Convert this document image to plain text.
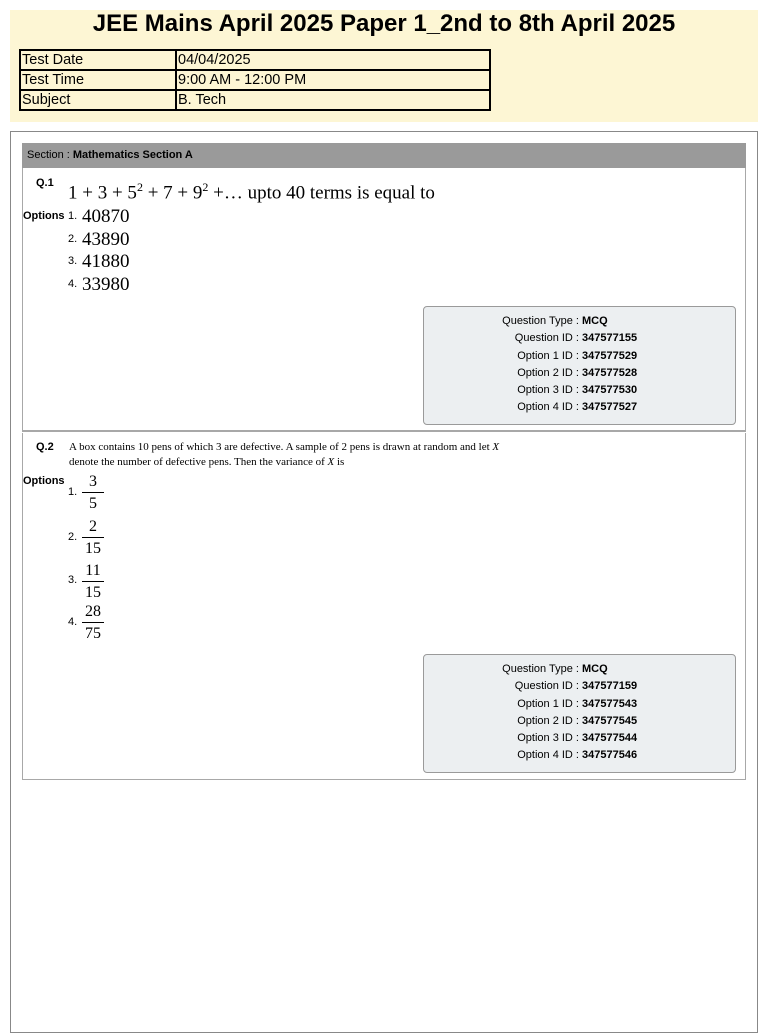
JEE Mains April 2025 Paper 1_2nd to 8th April 2025
Test Date	04/04/2025
Test Time	9:00 AM - 12:00 PM
Subject	B. Tech
Section : Mathematics Section A
Q.1 $1 + 3 + 5^2 + 7 + 9^2$ +… upto 40 terms is equal to
Options 1. 40870
2. 43890
3. 41880
4. 33980
Question Type : MCQ
Question ID : 347577155
Option 1 ID : 347577529
Option 2 ID : 347577528
Option 3 ID : 347577530
Option 4 ID : 347577527
Q.2 A box contains 10 pens of which 3 are defective. A sample of 2 pens is drawn at random and let X
denote the number of defective pens. Then the variance of X is
Options
1.
3
5
2.
2
15
3.
11
15
4.
28
75
Question Type : MCQ
Question ID : 347577159
Option 1 ID : 347577543
Option 2 ID : 347577545
Option 3 ID : 347577544
Option 4 ID : 347577546
